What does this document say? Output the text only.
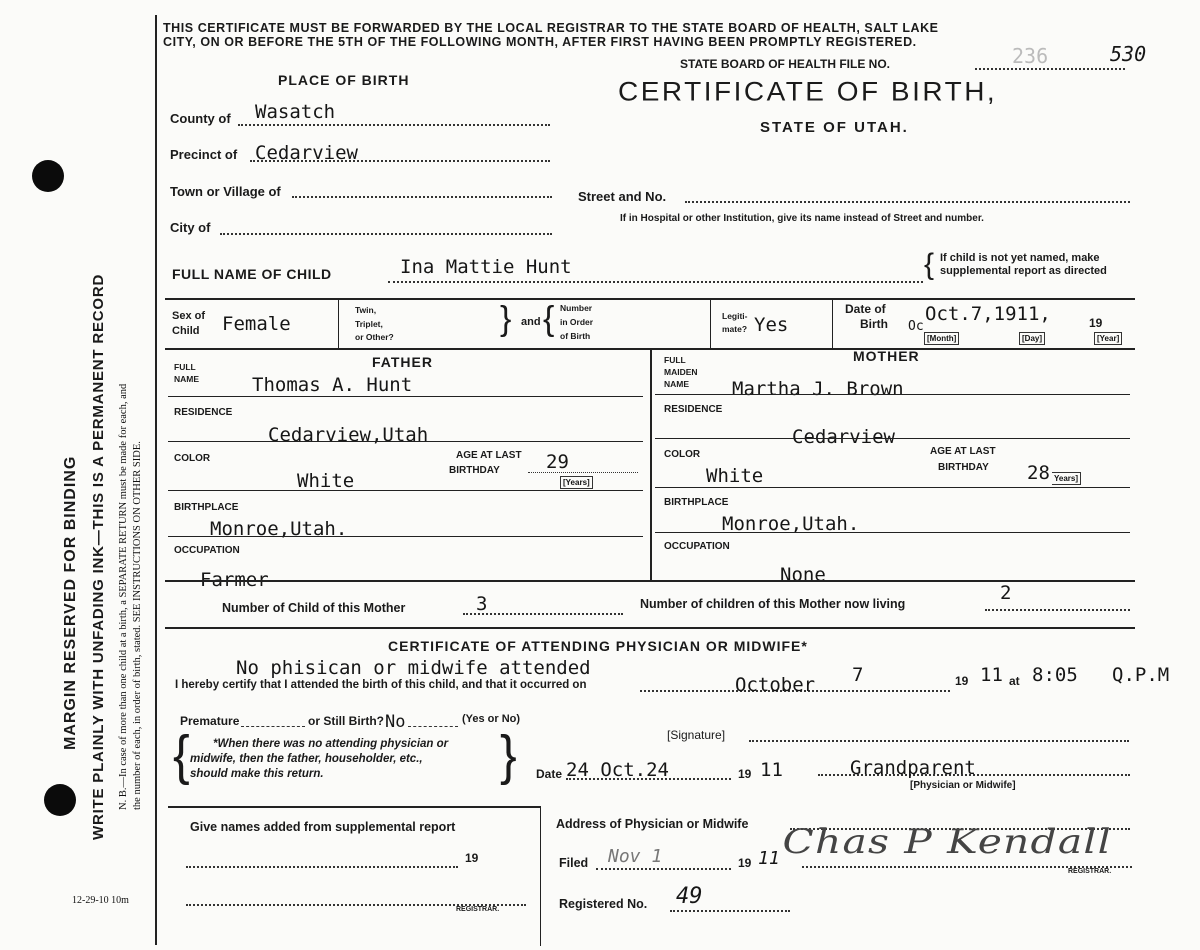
MARGIN RESERVED FOR BINDING WRITE PLAINLY WITH UNFADING INK—THIS IS A PERMANENT RECORD N. B.—In case of more than one child at a birth, a SEPARATE RETURN must be made for each, and the number of each, in order of birth, stated. SEE INSTRUCTIONS ON OTHER SIDE.
12-29-10 10m
THIS CERTIFICATE MUST BE FORWARDED BY THE LOCAL REGISTRAR TO THE STATE BOARD OF HEALTH, SALT LAKE
CITY, ON OR BEFORE THE 5TH OF THE FOLLOWING MONTH, AFTER FIRST HAVING BEEN PROMPTLY REGISTERED.
STATE BOARD OF HEALTH FILE NO.	236	530
CERTIFICATE OF BIRTH,
STATE OF UTAH.
PLACE OF BIRTH
County of Wasatch
Precinct of Cedarview
Town or Village of
City of
Street and No.
If in Hospital or other Institution, give its name instead of Street and number.
FULL NAME OF CHILD	Ina Mattie Hunt	{ If child is not yet named, make
supplemental report as directed
Sex of
Child Female
Twin,
Triplet,
or Other?	} and { Number
in Order
of Birth
Legiti-
mate? Yes
Date of
Birth Oc
Oct.7,1911,	19
[Month]	[Day]	[Year]
FATHER
FULL
NAME	Thomas A. Hunt
RESIDENCE
Cedarview,Utah
COLOR
White
AGE AT LAST
BIRTHDAY 29
[Years]
BIRTHPLACE
Monroe,Utah.
OCCUPATION
Farmer
MOTHER
FULL
MAIDEN
NAME Martha J. Brown
RESIDENCE
Cedarview
COLOR
White
AGE AT LAST
BIRTHDAY 28 Years]
BIRTHPLACE
Monroe,Utah.
OCCUPATION
None
Number of Child of this Mother	3	Number of children of this Mother now living	2
CERTIFICATE OF ATTENDING PHYSICIAN OR MIDWIFE*
No phisican or midwife attended
I hereby certify that I attended the birth of this child, and that it occurred on	October 7	19 11 at 8:05 Q.P.M
Premature	or Still Birth? No	(Yes or No)
{ *When there was no attending physician or
midwife, then the father, householder, etc.,
should make this return.	}	[Signature]
Date 24 Oct.24	19 11	Grandparent
[Physician or Midwife]
Give names added from supplemental report
19
REGISTRAR.
Address of Physician or Midwife
Filed Nov 1	19 11 Chas P Kendall
REGISTRAR.
Registered No. 49
